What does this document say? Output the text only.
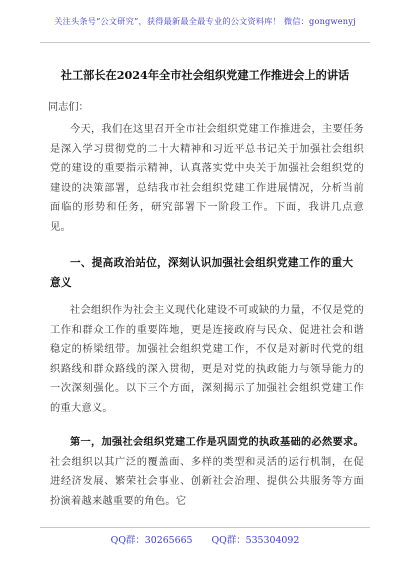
关注头条号“公文研究”，获得最新最全最专业的公文资料库！ 微信：gongwenyj
社工部长在2024年全市社会组织党建工作推进会上的讲话
同志们：
今天，我们在这里召开全市社会组织党建工作推进会，主要任务是深入学习贯彻党的二十大精神和习近平总书记关于加强社会组织党的建设的重要指示精神，认真落实党中央关于加强社会组织党的建设的决策部署，总结我市社会组织党建工作进展情况，分析当前面临的形势和任务，研究部署下一阶段工作。下面，我讲几点意见。
一、提高政治站位，深刻认识加强社会组织党建工作的重大意义
社会组织作为社会主义现代化建设不可或缺的力量，不仅是党的工作和群众工作的重要阵地，更是连接政府与民众、促进社会和谐稳定的桥梁纽带。加强社会组织党建工作，不仅是对新时代党的组织路线和群众路线的深入贯彻，更是对党的执政能力与领导能力的一次深刻强化。以下三个方面，深刻揭示了加强社会组织党建工作的重大意义。
第一，加强社会组织党建工作是巩固党的执政基础的必然要求。社会组织以其广泛的覆盖面、多样的类型和灵活的运行机制，在促进经济发展、繁荣社会事业、创新社会治理、提供公共服务等方面扮演着越来越重要的角色。它
QQ群：30265665 QQ群：535304092
